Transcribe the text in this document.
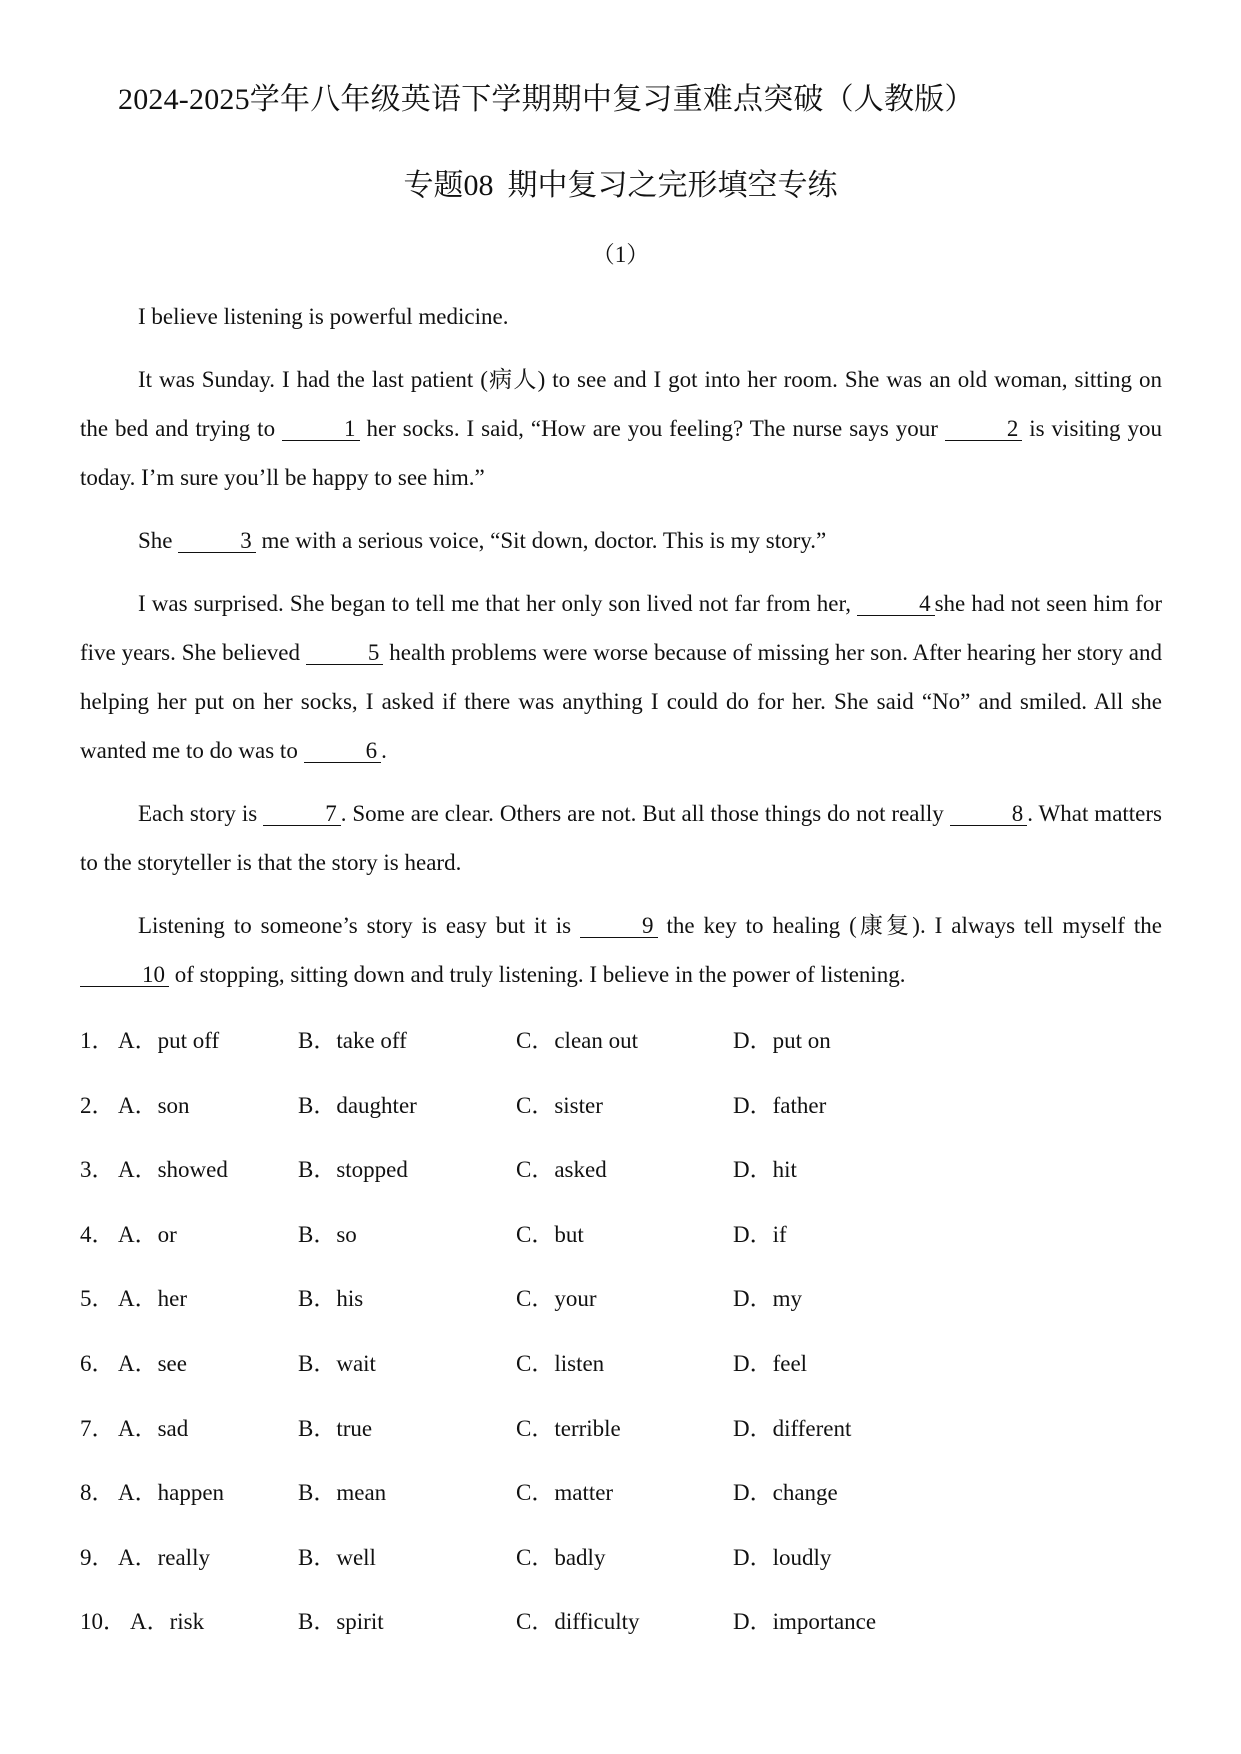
2024-2025学年八年级英语下学期期中复习重难点突破（人教版）
专题08 期中复习之完形填空专练
（1）

I believe listening is powerful medicine.

It was Sunday. I had the last patient (病人) to see and I got into her room. She was an old woman, sitting on the bed and trying to	1 her socks. I said, “How are you feeling? The nurse says your	2 is visiting you today. I’m sure you’ll be happy to see him.”

She	3 me with a serious voice, “Sit down, doctor. This is my story.”

I was surprised. She began to tell me that her only son lived not far from her,	4 she had not seen him for five years. She believed	5 health problems were worse because of missing her son. After hearing her story and helping her put on her socks, I asked if there was anything I could do for her. She said “No” and smiled. All she wanted me to do was to	6 .

Each story is	7 . Some are clear. Others are not. But all those things do not really	8 . What matters to the storyteller is that the story is heard.

Listening to someone’s story is easy but it is	9 the key to healing (康复). I always tell myself the 10 of stopping, sitting down and truly listening. I believe in the power of listening.

1． A．put off	B．take off	C．clean out	D．put on
2． A．son	B．daughter	C．sister	D．father
3． A．showed	B．stopped	C．asked	D．hit
4． A．or	B．so	C．but	D．if
5． A．her	B．his	C．your	D．my
6． A．see	B．wait	C．listen	D．feel
7． A．sad	B．true	C．terrible	D．different
8． A．happen	B．mean	C．matter	D．change
9． A．really	B．well	C．badly	D．loudly
10． A．risk	B．spirit	C．difficulty	D．importance
